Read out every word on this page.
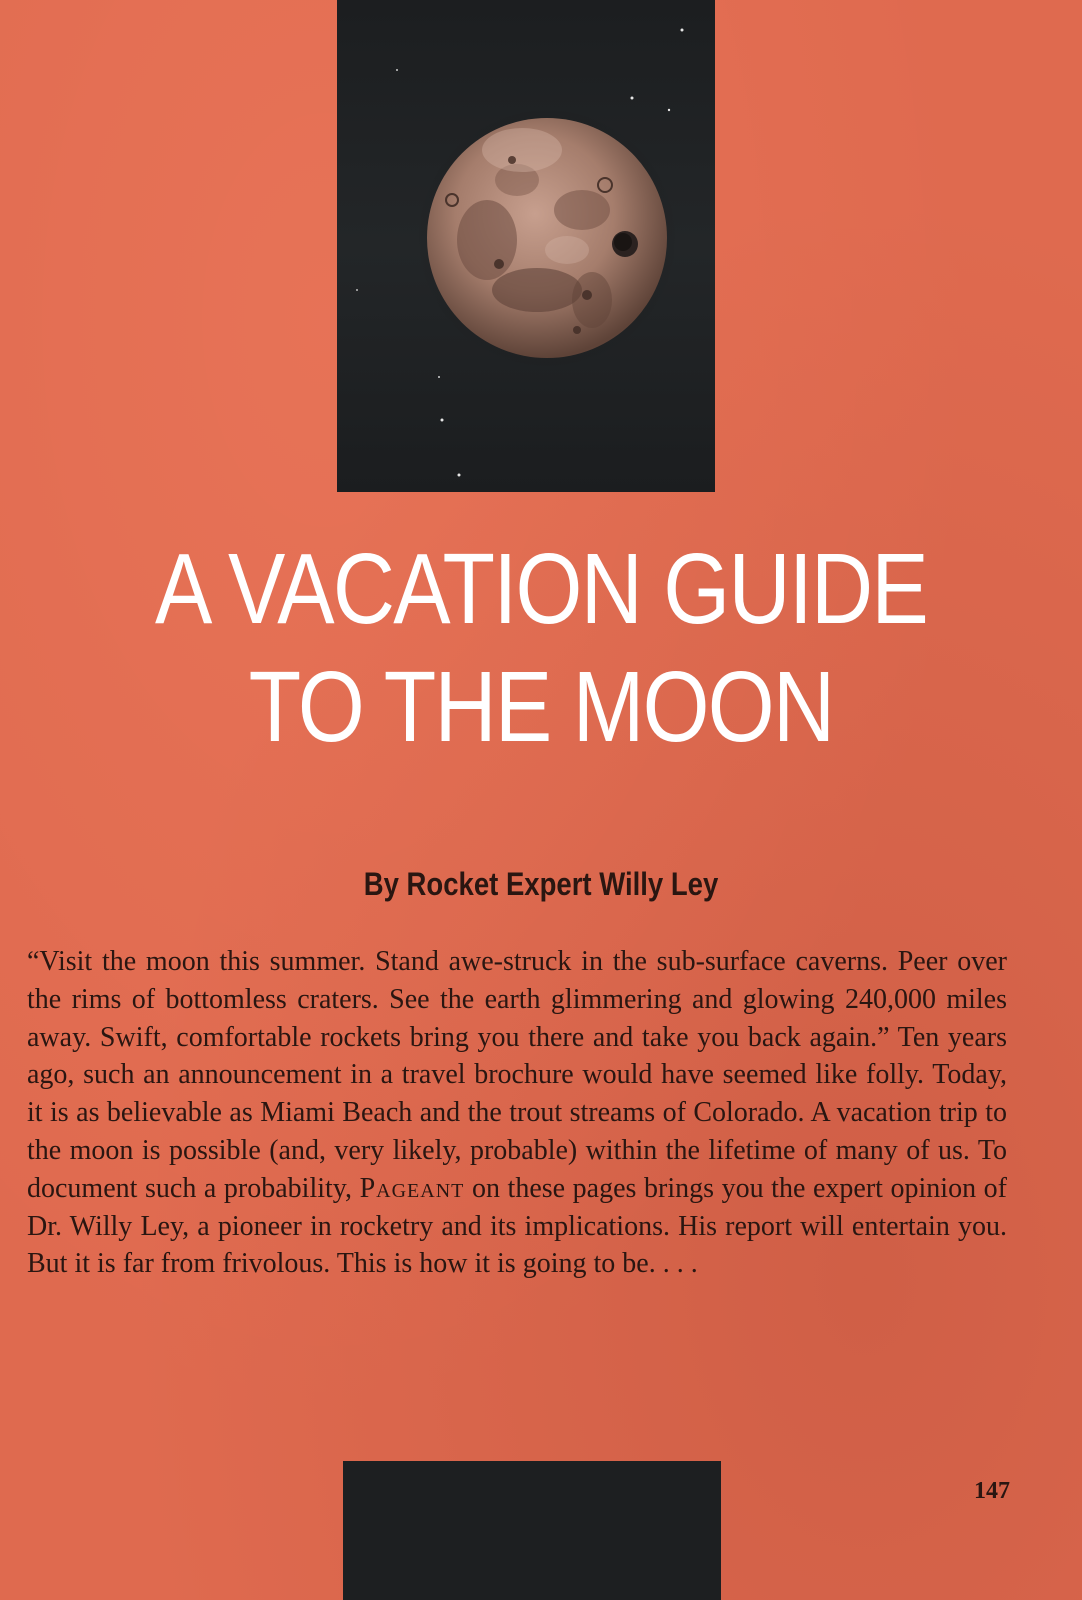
A VACATION GUIDE
TO THE MOON
By Rocket Expert Willy Ley

“Visit the moon this summer. Stand awe-struck in the sub-surface caverns. Peer over the rims of bottomless craters. See the earth glimmering and glowing 240,000 miles away. Swift, comfortable rockets bring you there and take you back again.” Ten years ago, such an announcement in a travel brochure would have seemed like folly. Today, it is as believable as Miami Beach and the trout streams of Colorado. A vacation trip to the moon is possible (and, very likely, probable) within the lifetime of many of us. To document such a probability, Pageant on these pages brings you the expert opinion of Dr. Willy Ley, a pioneer in rocketry and its implications. His report will entertain you. But it is far from frivolous. This is how it is going to be. . . .

147
